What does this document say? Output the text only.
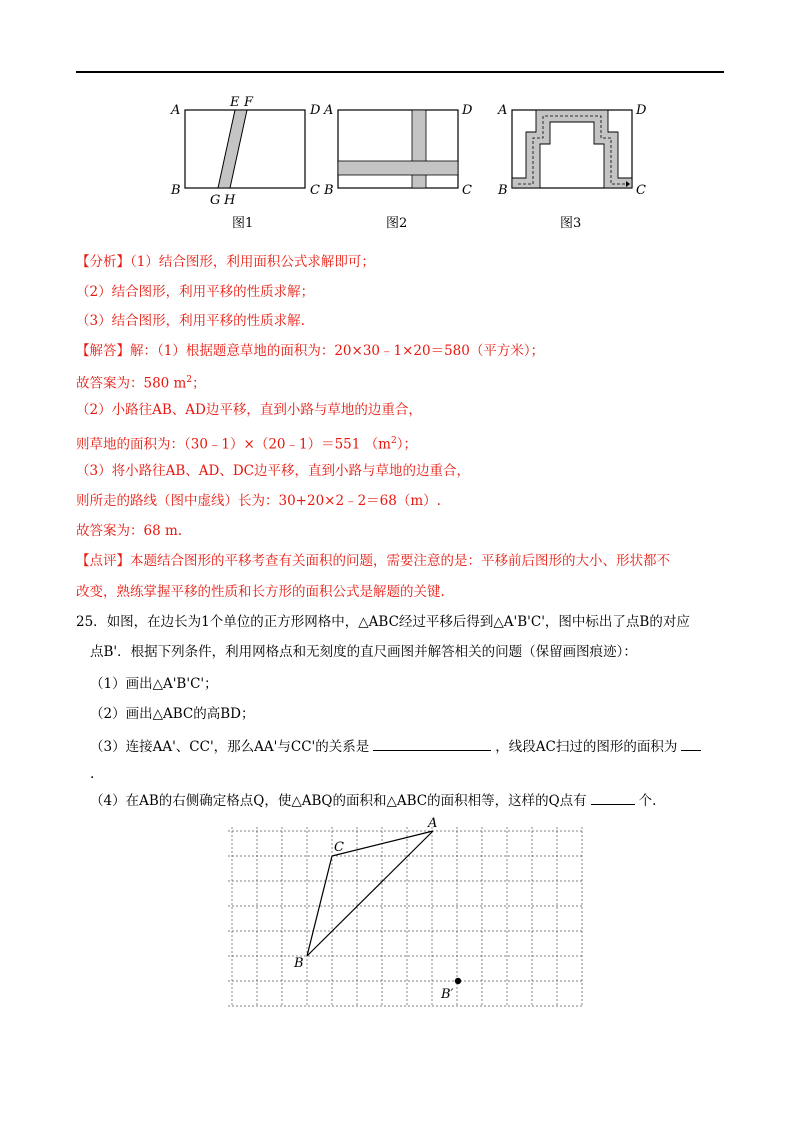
A	D
B	C
E F
G H
图1
A	D
B	C
图2
A	D
B	C
图3
【分析】（1）结合图形，利用面积公式求解即可；
（2）结合图形，利用平移的性质求解；
（3）结合图形，利用平移的性质求解.
【解答】解：（1）根据题意草地的面积为：20×30﹣1×20＝580（平方米）；
故答案为：580 $m^2$；
（2）小路往AB、AD边平移，直到小路与草地的边重合，
则草地的面积为：（30﹣1）×（20﹣1）＝551 $(m^2)$；
（3）将小路往AB、AD、DC边平移，直到小路与草地的边重合，
则所走的路线（图中虚线）长为：30+20×2﹣2＝68（m）.
故答案为：68 m.
【点评】本题结合图形的平移考查有关面积的问题，需要注意的是：平移前后图形的大小、形状都不
改变，熟练掌握平移的性质和长方形的面积公式是解题的关键.
25．如图，在边长为1个单位的正方形网格中，△ABC经过平移后得到△A'B'C'，图中标出了点B的对应
点B'．根据下列条件，利用网格点和无刻度的直尺画图并解答相关的问题（保留画图痕迹）：
（1）画出△A'B'C'；
（2）画出△ABC的高BD；
（3）连接AA'、CC'，那么AA'与CC'的关系是	，线段AC扫过的图形的面积为
.
（4）在AB的右侧确定格点Q，使△ABQ的面积和△ABC的面积相等，这样的Q点有	个.
A
C
B
B′
